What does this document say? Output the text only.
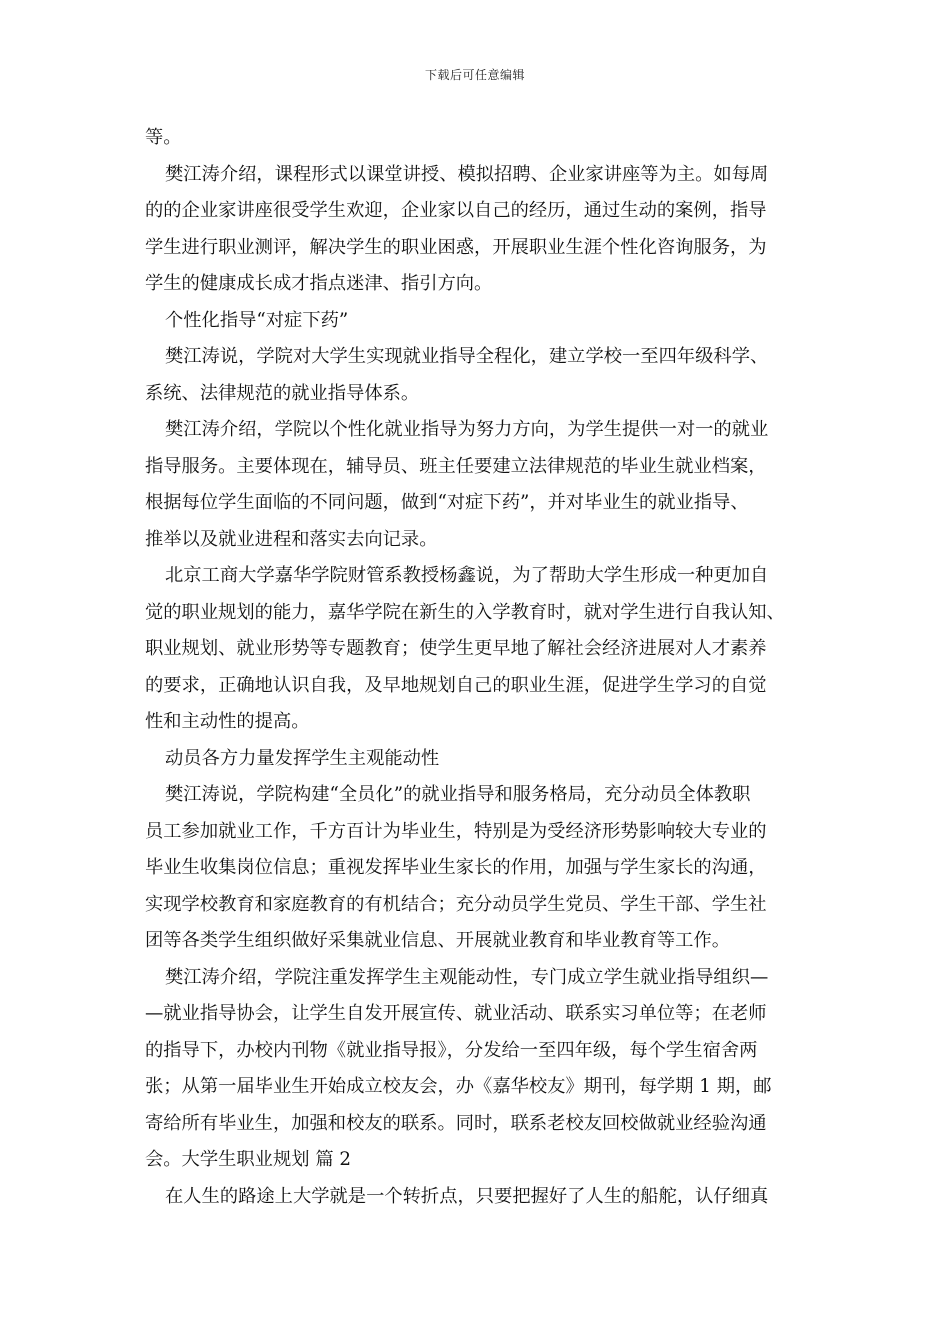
下载后可任意编辑
等。
樊江涛介绍，课程形式以课堂讲授、模拟招聘、企业家讲座等为主。如每周
的的企业家讲座很受学生欢迎，企业家以自己的经历，通过生动的案例，指导
学生进行职业测评，解决学生的职业困惑，开展职业生涯个性化咨询服务，为
学生的健康成长成才指点迷津、指引方向。
个性化指导“对症下药”
樊江涛说，学院对大学生实现就业指导全程化，建立学校一至四年级科学、
系统、法律规范的就业指导体系。
樊江涛介绍，学院以个性化就业指导为努力方向，为学生提供一对一的就业
指导服务。主要体现在，辅导员、班主任要建立法律规范的毕业生就业档案，
根据每位学生面临的不同问题，做到“对症下药”，并对毕业生的就业指导、
推举以及就业进程和落实去向记录。
北京工商大学嘉华学院财管系教授杨鑫说，为了帮助大学生形成一种更加自
觉的职业规划的能力，嘉华学院在新生的入学教育时，就对学生进行自我认知、
职业规划、就业形势等专题教育；使学生更早地了解社会经济进展对人才素养
的要求，正确地认识自我，及早地规划自己的职业生涯，促进学生学习的自觉
性和主动性的提高。
动员各方力量发挥学生主观能动性
樊江涛说，学院构建“全员化”的就业指导和服务格局，充分动员全体教职
员工参加就业工作，千方百计为毕业生，特别是为受经济形势影响较大专业的
毕业生收集岗位信息；重视发挥毕业生家长的作用，加强与学生家长的沟通，
实现学校教育和家庭教育的有机结合；充分动员学生党员、学生干部、学生社
团等各类学生组织做好采集就业信息、开展就业教育和毕业教育等工作。
樊江涛介绍，学院注重发挥学生主观能动性，专门成立学生就业指导组织—
—就业指导协会，让学生自发开展宣传、就业活动、联系实习单位等；在老师
的指导下，办校内刊物《就业指导报》，分发给一至四年级，每个学生宿舍两
张；从第一届毕业生开始成立校友会，办《嘉华校友》期刊，每学期 1 期，邮
寄给所有毕业生，加强和校友的联系。同时，联系老校友回校做就业经验沟通
会。大学生职业规划 篇 2
在人生的路途上大学就是一个转折点，只要把握好了人生的船舵，认仔细真
